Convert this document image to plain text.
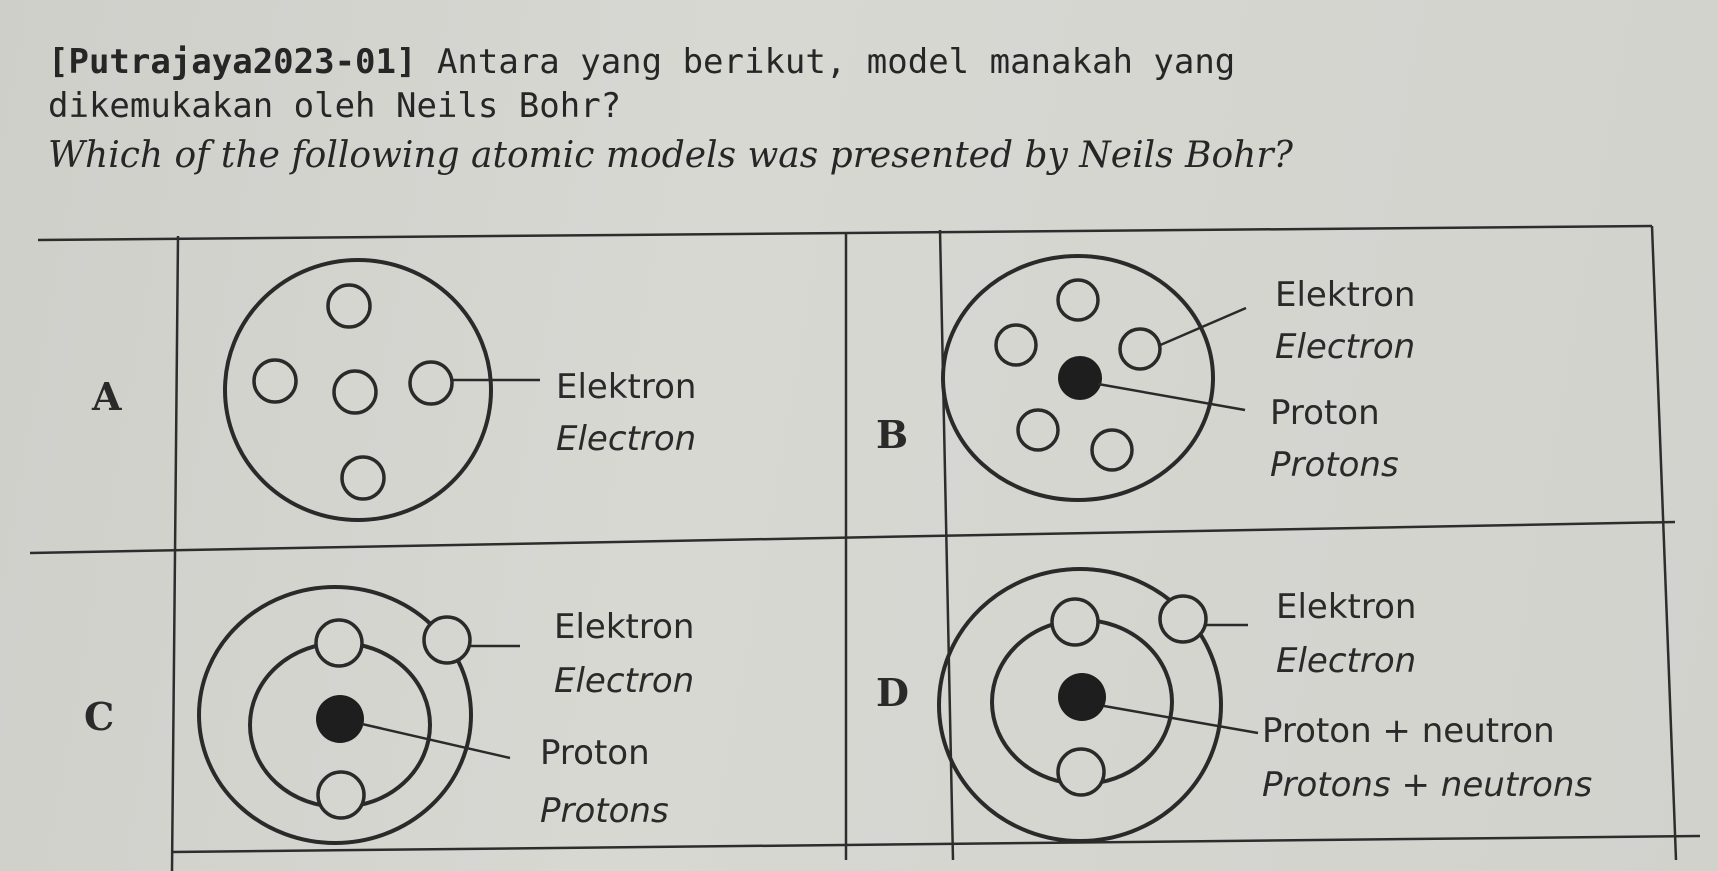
[Putrajaya2023-01] Antara yang berikut, model manakah yang

dikemukakan oleh Neils Bohr?

Which of the following atomic models was presented by Neils Bohr?

A	Elektron
Electron	B
Elektron
Electron
Proton
Protons
C
Elektron
Electron
Proton
Protons
D
Elektron
Electron
Proton + neutron
Protons + neutrons
